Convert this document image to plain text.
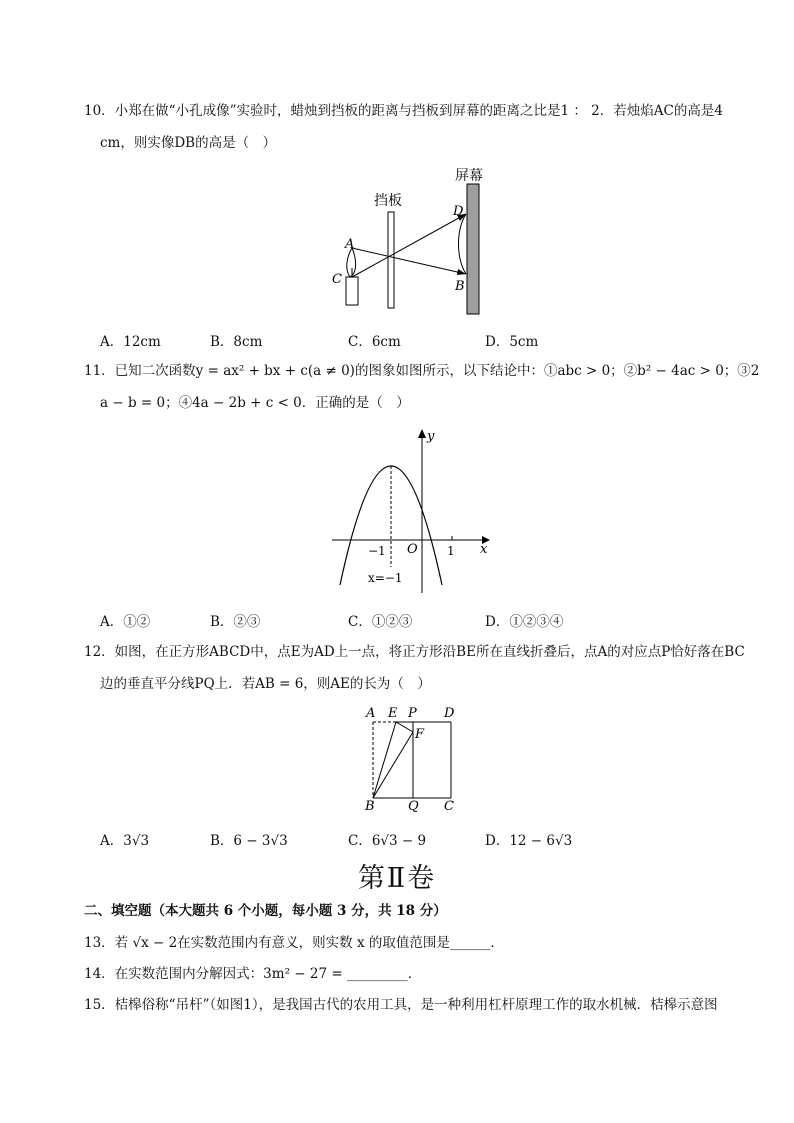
10．小郑在做“小孔成像”实验时，蜡烛到挡板的距离与挡板到屏幕的距离之比是1 ： 2．若烛焰AC的高是4
cm，则实像DB的高是（　）
屏幕
挡板
A
C
D
B
A．12cm	B．8cm	C．6cm	D．5cm
11．已知二次函数y = ax² + bx + c(a ≠ 0)的图象如图所示，以下结论中：①abc > 0；②b² − 4ac > 0；③2
a − b = 0；④4a − 2b + c < 0．正确的是（　）
y
x
O
−1	1
x=−1
A．①②	B．②③	C．①②③	D．①②③④
12．如图，在正方形ABCD中，点E为AD上一点，将正方形沿BE所在直线折叠后，点A的对应点P恰好落在BC
边的垂直平分线PQ上．若AB = 6，则AE的长为（　）
A E P D
F
B	Q C
A．3√3	B．6 − 3√3	C．6√3 − 9	D．12 − 6√3
第Ⅱ卷
二、填空题（本大题共 6 个小题，每小题 3 分，共 18 分）
13．若 √x − 2在实数范围内有意义，则实数 x 的取值范围是______．
14．在实数范围内分解因式：3m² − 27 = _________．
15．桔槔俗称“吊杆”（如图1），是我国古代的农用工具，是一种利用杠杆原理工作的取水机械．桔槔示意图
